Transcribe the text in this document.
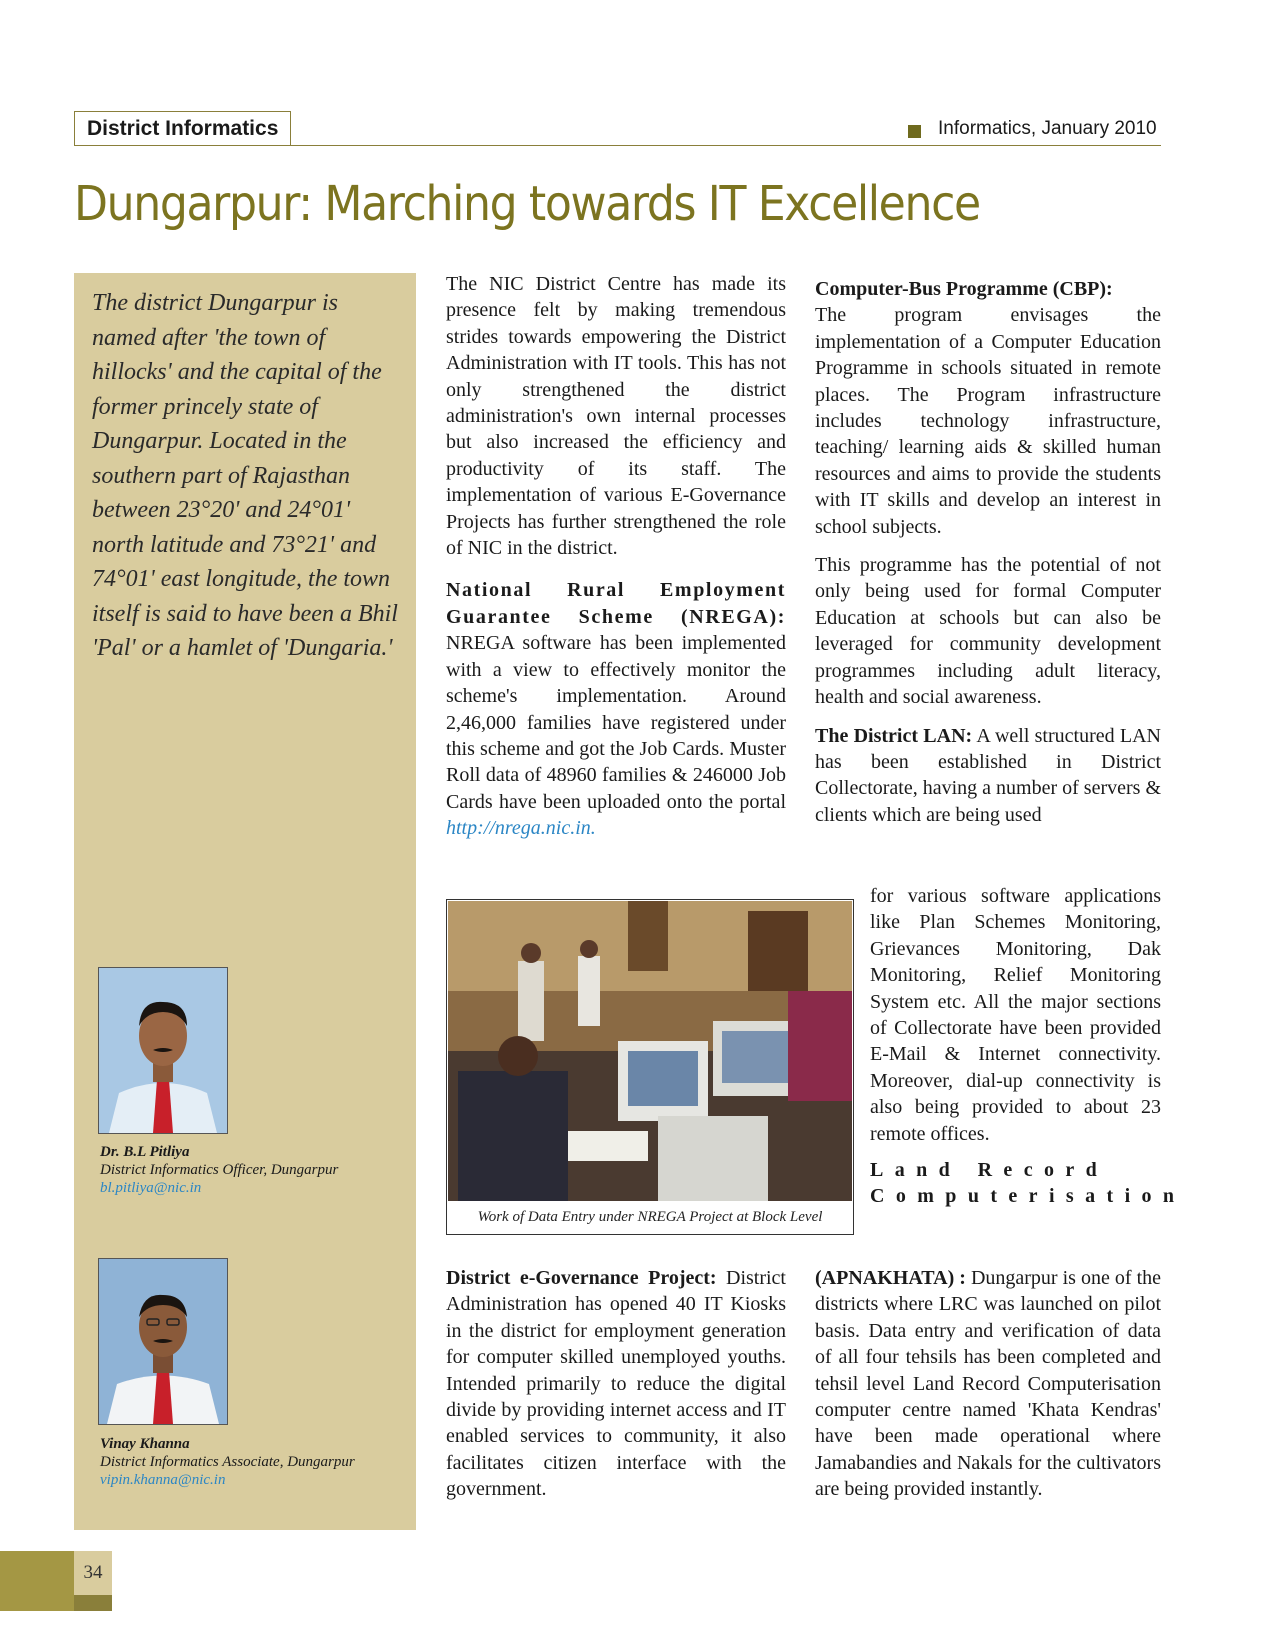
District Informatics	Informatics, January 2010
Dungarpur: Marching towards IT Excellence

The district Dungarpur is named after 'the town of hillocks' and the capital of the former princely state of Dungarpur. Located in the southern part of Rajasthan between 23°20' and 24°01' north latitude and 73°21' and 74°01' east longitude, the town itself is said to have been a Bhil 'Pal' or a hamlet of 'Dungaria.'

Dr. B.L Pitliya
District Informatics Officer, Dungarpur
bl.pitliya@nic.in
Vinay Khanna
District Informatics Associate, Dungarpur
vipin.khanna@nic.in

The NIC District Centre has made its presence felt by making tremendous strides towards empowering the District Administration with IT tools. This has not only strengthened the district administration's own internal processes but also increased the efficiency and productivity of its staff. The implementation of various E-Governance Projects has further strengthened the role of NIC in the district.

National Rural Employment Guarantee Scheme (NREGA): NREGA software has been implemented with a view to effectively monitor the scheme's implementation. Around 2,46,000 families have registered under this scheme and got the Job Cards. Muster Roll data of 48960 families & 246000 Job Cards have been uploaded onto the portal http://nrega.nic.in.

Work of Data Entry under NREGA Project at Block Level

District e-Governance Project: District Administration has opened 40 IT Kiosks in the district for employment generation for computer skilled unemployed youths. Intended primarily to reduce the digital divide by providing internet access and IT enabled services to community, it also facilitates citizen interface with the government.

Computer-Bus Programme (CBP):
The program envisages the implementation of a Computer Education Programme in schools situated in remote places. The Program infrastructure includes technology infrastructure, teaching/ learning aids & skilled human resources and aims to provide the students with IT skills and develop an interest in school subjects.

This programme has the potential of not only being used for formal Computer Education at schools but can also be leveraged for community development programmes including adult literacy, health and social awareness.

The District LAN: A well structured LAN has been established in District Collectorate, having a number of servers & clients which are being used

for various software applications like Plan Schemes Monitoring, Grievances Monitoring, Dak Monitoring, Relief Monitoring System etc. All the major sections of Collectorate have been provided E-Mail & Internet connectivity. Moreover, dial-up connectivity is also being provided to about 23 remote offices.

Land Record Computerisation

(APNAKHATA) : Dungarpur is one of the districts where LRC was launched on pilot basis. Data entry and verification of data of all four tehsils has been completed and tehsil level Land Record Computerisation computer centre named 'Khata Kendras' have been made operational where Jamabandies and Nakals for the cultivators are being provided instantly.

34
